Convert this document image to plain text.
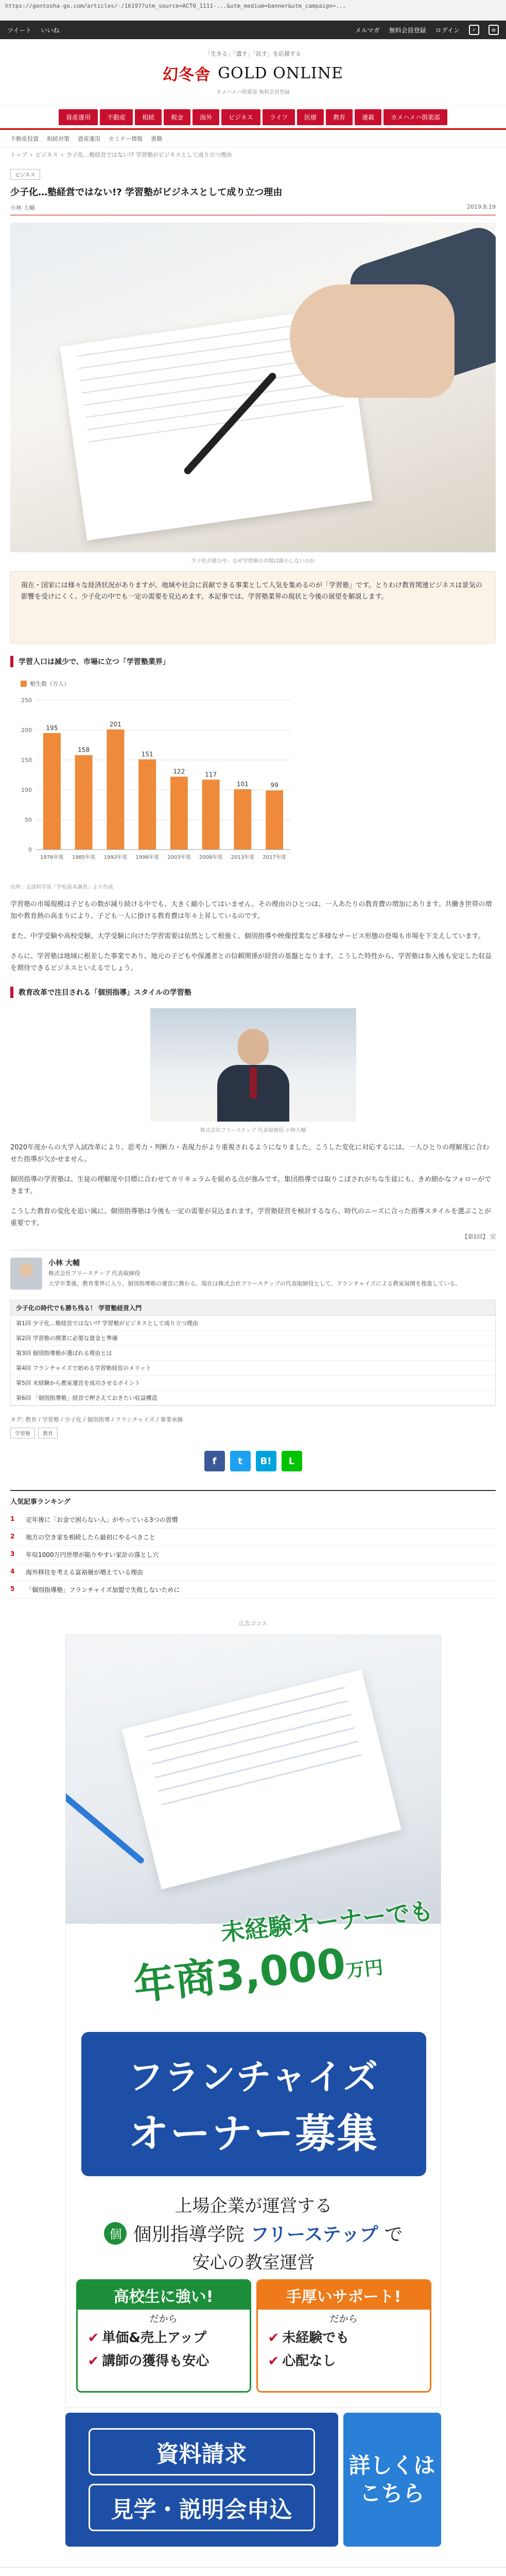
https://gentosha-go.com/articles/-/16197?utm_source=ACT0_1111-...&utm_medium=banner&utm_campaign=...
ツイート いいね	メルマガ 無料会員登録 ログイン	⌕	≡
「生きる」「遺す」「託す」を応援する
幻冬舎 GOLD ONLINE
カメハメハ倶楽部 無料会員登録
資産運用	不動産	相続	税金	海外	ビジネス	ライフ	医療	教育	連載	カメハメハ倶楽部
不動産投資 相続対策 資産運用 セミナー情報 書籍
トップ › ビジネス › 少子化…塾経営ではない!? 学習塾がビジネスとして成り立つ理由
ビジネス
少子化…塾経営ではない!? 学習塾がビジネスとして成り立つ理由
小林 大輔	2019.8.19
少子化が進む中、なぜ学習塾の市場は縮小しないのか
現在・国家には様々な経済状況がありますが、地域や社会に貢献できる事業として人気を集めるのが「学習塾」です。とりわけ教育関連ビジネスは景気の影響を受けにくく、少子化の中でも一定の需要を見込めます。本記事では、学習塾業界の現状と今後の展望を解説します。
学習人口は減少で、市場に立つ「学習塾業界」
塾生数（万人）
0
50
100
150
200
250
195
1976年度
158
1985年度
201
1993年度
151
1998年度
122
2003年度
117
2008年度
101
2013年度
99
2017年度
出所：文部科学省「学校基本調査」より作成

学習塾の市場規模は子どもの数が減り続ける中でも、大きく縮小してはいません。その理由のひとつは、一人あたりの教育費の増加にあります。共働き世帯の増加や教育熱の高まりにより、子ども一人に掛ける教育費は年々上昇しているのです。

また、中学受験や高校受験、大学受験に向けた学習需要は依然として根強く、個別指導や映像授業など多様なサービス形態の登場も市場を下支えしています。

さらに、学習塾は地域に根差した事業であり、地元の子どもや保護者との信頼関係が経営の基盤となります。こうした特性から、学習塾は参入後も安定した収益を期待できるビジネスといえるでしょう。

教育改革で注目される「個別指導」スタイルの学習塾
株式会社フリーステップ 代表取締役 小林大輔

2020年度からの大学入試改革により、思考力・判断力・表現力がより重視されるようになりました。こうした変化に対応するには、一人ひとりの理解度に合わせた指導が欠かせません。

個別指導の学習塾は、生徒の理解度や目標に合わせてカリキュラムを組める点が強みです。集団指導では取りこぼされがちな生徒にも、きめ細かなフォローができます。

こうした教育の変化を追い風に、個別指導塾は今後も一定の需要が見込まれます。学習塾経営を検討するなら、時代のニーズに合った指導スタイルを選ぶことが重要です。

【第1回】 完
小林 大輔
株式会社フリーステップ 代表取締役
大学卒業後、教育業界に入り、個別指導塾の運営に携わる。現在は株式会社フリーステップの代表取締役として、フランチャイズによる教室展開を推進している。
少子化の時代でも勝ち残る！ 学習塾経営入門
第1回 少子化…塾経営ではない!? 学習塾がビジネスとして成り立つ理由
第2回 学習塾の開業に必要な資金と準備
第3回 個別指導塾が選ばれる理由とは
第4回 フランチャイズで始める学習塾経営のメリット
第5回 未経験から教室運営を成功させるポイント
第6回 「個別指導塾」経営で押さえておきたい収益構造
タグ: 教育 / 学習塾 / 少子化 / 個別指導 / フランチャイズ / 事業承継
学習塾	教育
f	t	B!	L
人気記事ランキング
1	定年後に「お金で困らない人」がやっている3つの習慣
2	地方の空き家を相続したら最初にやるべきこと
3	年収1000万円世帯が陥りやすい家計の落とし穴
4	海外移住を考える富裕層が増えている理由
5	「個別指導塾」フランチャイズ加盟で失敗しないために
広告ゴコス
未経験オーナーでも
年商3,000万円
フランチャイズ
オーナー募集
上場企業が運営する
個 個別指導学院 フリーステップ で
安心の教室運営
高校生に強い!
だから
✔ 単価&売上アップ
✔ 講師の獲得も安心
手厚いサポート!
だから
✔ 未経験でも
✔ 心配なし
資料請求
見学・説明会申込
詳しくはこちら
